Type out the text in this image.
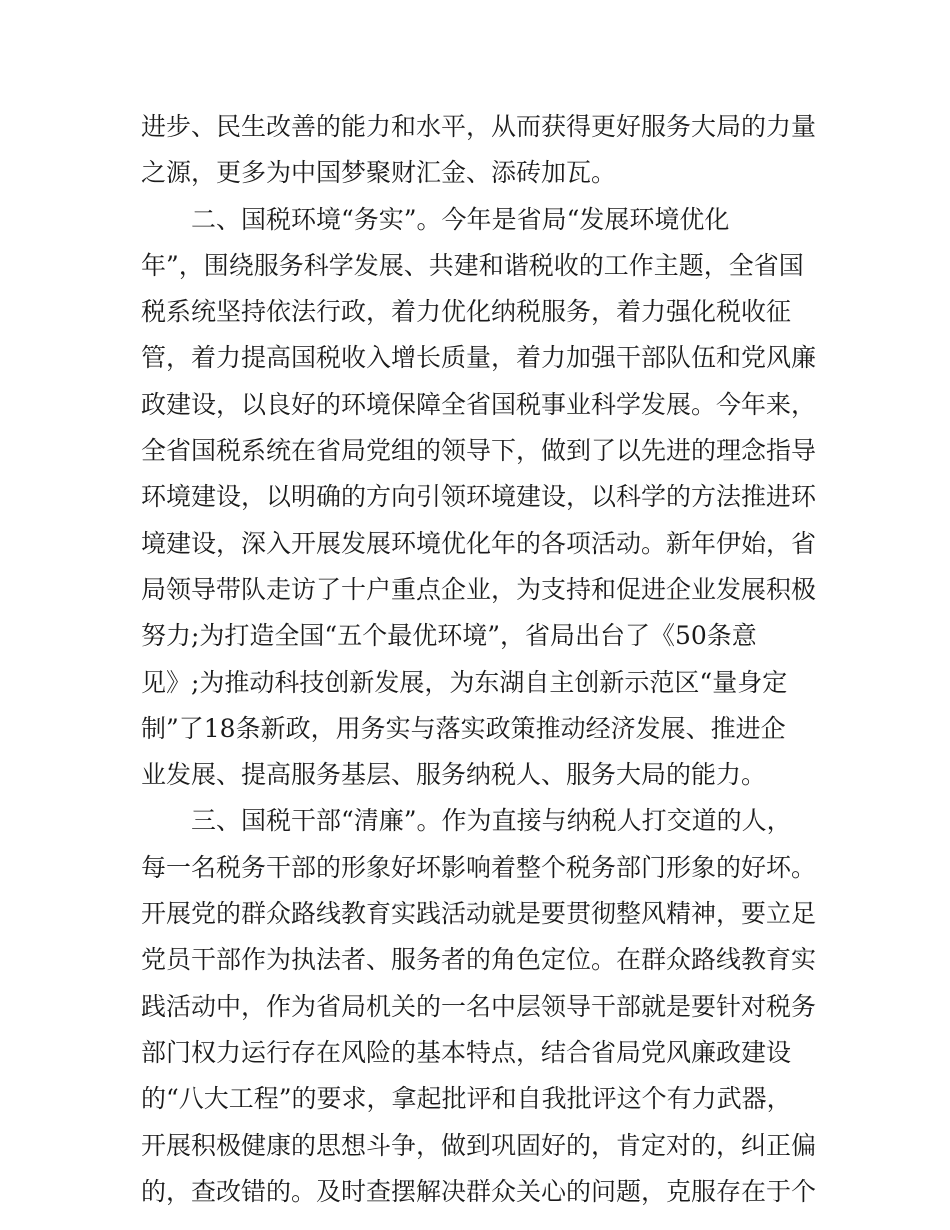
进步、民生改善的能力和水平，从而获得更好服务大局的力量
之源，更多为中国梦聚财汇金、添砖加瓦。
二、国税环境“务实”。今年是省局“发展环境优化
年”，围绕服务科学发展、共建和谐税收的工作主题，全省国
税系统坚持依法行政，着力优化纳税服务，着力强化税收征
管，着力提高国税收入增长质量，着力加强干部队伍和党风廉
政建设，以良好的环境保障全省国税事业科学发展。今年来，
全省国税系统在省局党组的领导下，做到了以先进的理念指导
环境建设，以明确的方向引领环境建设，以科学的方法推进环
境建设，深入开展发展环境优化年的各项活动。新年伊始，省
局领导带队走访了十户重点企业，为支持和促进企业发展积极
努力;为打造全国“五个最优环境”，省局出台了《50条意
见》;为推动科技创新发展，为东湖自主创新示范区“量身定
制”了18条新政，用务实与落实政策推动经济发展、推进企
业发展、提高服务基层、服务纳税人、服务大局的能力。
三、国税干部“清廉”。作为直接与纳税人打交道的人，
每一名税务干部的形象好坏影响着整个税务部门形象的好坏。
开展党的群众路线教育实践活动就是要贯彻整风精神，要立足
党员干部作为执法者、服务者的角色定位。在群众路线教育实
践活动中，作为省局机关的一名中层领导干部就是要针对税务
部门权力运行存在风险的基本特点，结合省局党风廉政建设
的“八大工程”的要求，拿起批评和自我批评这个有力武器，
开展积极健康的思想斗争，做到巩固好的，肯定对的，纠正偏
的，查改错的。及时查摆解决群众关心的问题，克服存在于个
